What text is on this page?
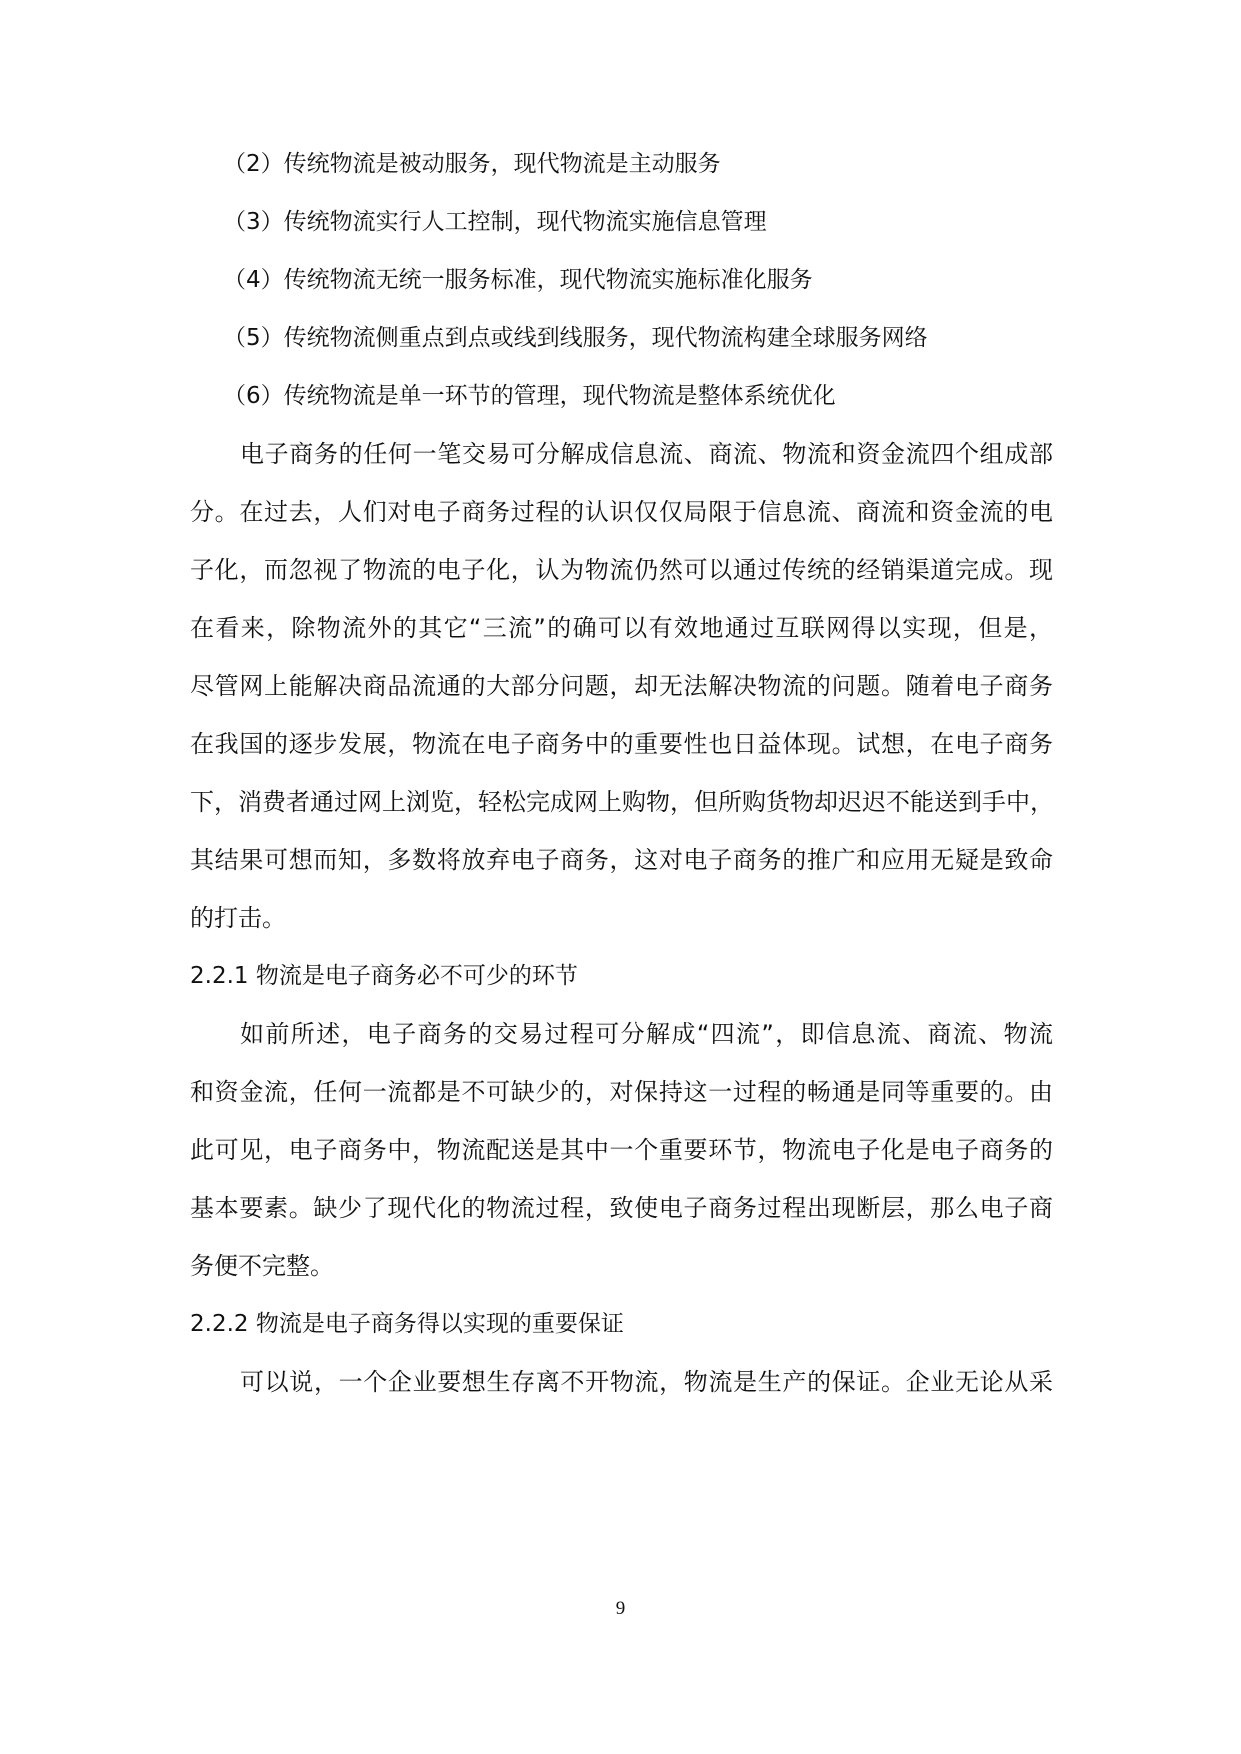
（2）传统物流是被动服务，现代物流是主动服务
（3）传统物流实行人工控制，现代物流实施信息管理
（4）传统物流无统一服务标准，现代物流实施标准化服务
（5）传统物流侧重点到点或线到线服务，现代物流构建全球服务网络
（6）传统物流是单一环节的管理，现代物流是整体系统优化
电子商务的任何一笔交易可分解成信息流、商流、物流和资金流四个组成部
分。在过去，人们对电子商务过程的认识仅仅局限于信息流、商流和资金流的电
子化，而忽视了物流的电子化，认为物流仍然可以通过传统的经销渠道完成。现
在看来，除物流外的其它“三流”的确可以有效地通过互联网得以实现，但是，
尽管网上能解决商品流通的大部分问题，却无法解决物流的问题。随着电子商务
在我国的逐步发展，物流在电子商务中的重要性也日益体现。试想，在电子商务
下，消费者通过网上浏览，轻松完成网上购物，但所购货物却迟迟不能送到手中，
其结果可想而知，多数将放弃电子商务，这对电子商务的推广和应用无疑是致命
的打击。
2.2.1 物流是电子商务必不可少的环节
如前所述，电子商务的交易过程可分解成“四流”，即信息流、商流、物流
和资金流，任何一流都是不可缺少的，对保持这一过程的畅通是同等重要的。由
此可见，电子商务中，物流配送是其中一个重要环节，物流电子化是电子商务的
基本要素。缺少了现代化的物流过程，致使电子商务过程出现断层，那么电子商
务便不完整。
2.2.2 物流是电子商务得以实现的重要保证
可以说，一个企业要想生存离不开物流，物流是生产的保证。企业无论从采
9
